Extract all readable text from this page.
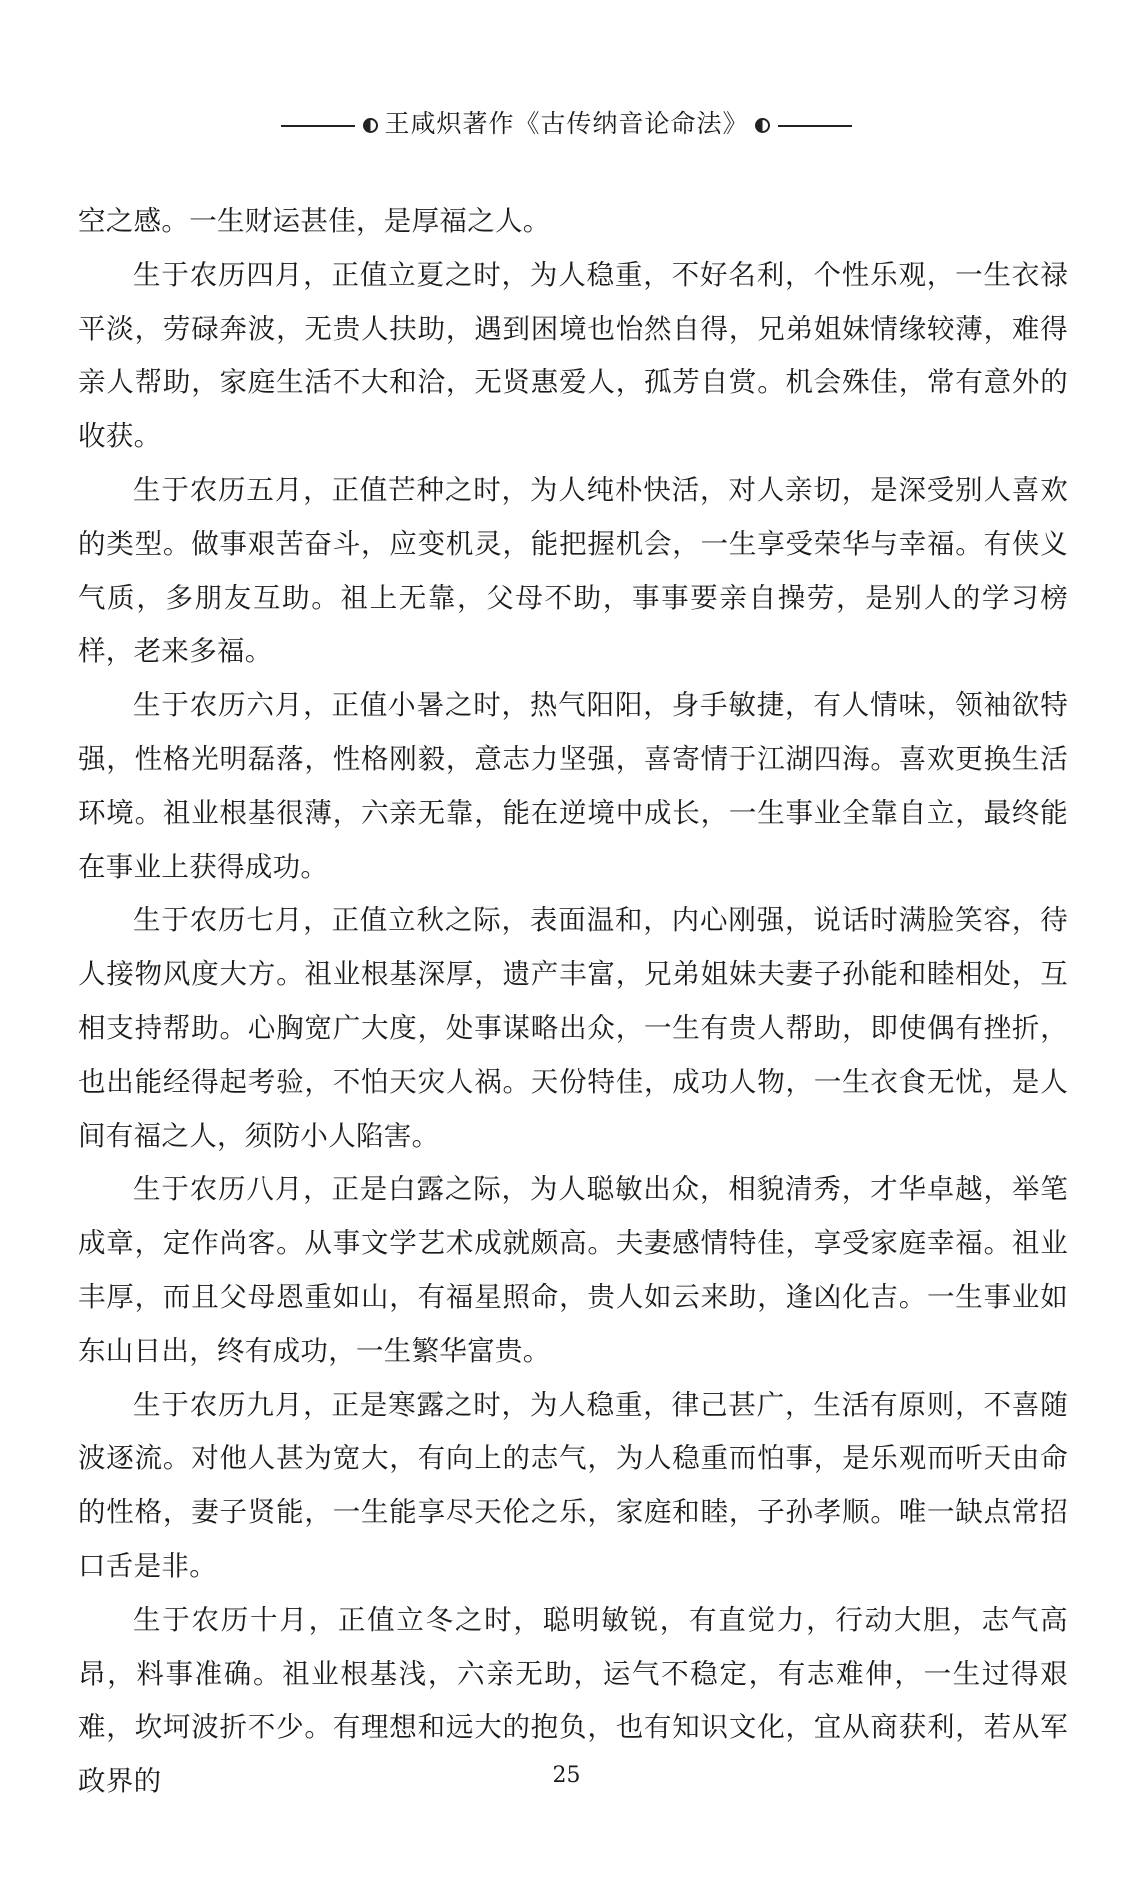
王咸炽著作《古传纳音论命法》

空之感。一生财运甚佳，是厚福之人。

生于农历四月，正值立夏之时，为人稳重，不好名利，个性乐观，一生衣禄平淡，劳碌奔波，无贵人扶助，遇到困境也怡然自得，兄弟姐妹情缘较薄，难得亲人帮助，家庭生活不大和洽，无贤惠爱人，孤芳自赏。机会殊佳，常有意外的收获。

生于农历五月，正值芒种之时，为人纯朴快活，对人亲切，是深受别人喜欢的类型。做事艰苦奋斗，应变机灵，能把握机会，一生享受荣华与幸福。有侠义气质，多朋友互助。祖上无靠，父母不助，事事要亲自操劳，是别人的学习榜样，老来多福。

生于农历六月，正值小暑之时，热气阳阳，身手敏捷，有人情味，领袖欲特强，性格光明磊落，性格刚毅，意志力坚强，喜寄情于江湖四海。喜欢更换生活环境。祖业根基很薄，六亲无靠，能在逆境中成长，一生事业全靠自立，最终能在事业上获得成功。

生于农历七月，正值立秋之际，表面温和，内心刚强，说话时满脸笑容，待人接物风度大方。祖业根基深厚，遗产丰富，兄弟姐妹夫妻子孙能和睦相处，互相支持帮助。心胸宽广大度，处事谋略出众，一生有贵人帮助，即使偶有挫折，也出能经得起考验，不怕天灾人祸。天份特佳，成功人物，一生衣食无忧，是人间有福之人，须防小人陷害。

生于农历八月，正是白露之际，为人聪敏出众，相貌清秀，才华卓越，举笔成章，定作尚客。从事文学艺术成就颇高。夫妻感情特佳，享受家庭幸福。祖业丰厚，而且父母恩重如山，有福星照命，贵人如云来助，逢凶化吉。一生事业如东山日出，终有成功，一生繁华富贵。

生于农历九月，正是寒露之时，为人稳重，律己甚广，生活有原则，不喜随波逐流。对他人甚为宽大，有向上的志气，为人稳重而怕事，是乐观而听天由命的性格，妻子贤能，一生能享尽天伦之乐，家庭和睦，子孙孝顺。唯一缺点常招口舌是非。

生于农历十月，正值立冬之时，聪明敏锐，有直觉力，行动大胆，志气高昂，料事准确。祖业根基浅，六亲无助，运气不稳定，有志难伸，一生过得艰难，坎坷波折不少。有理想和远大的抱负，也有知识文化，宜从商获利，若从军政界的	25
